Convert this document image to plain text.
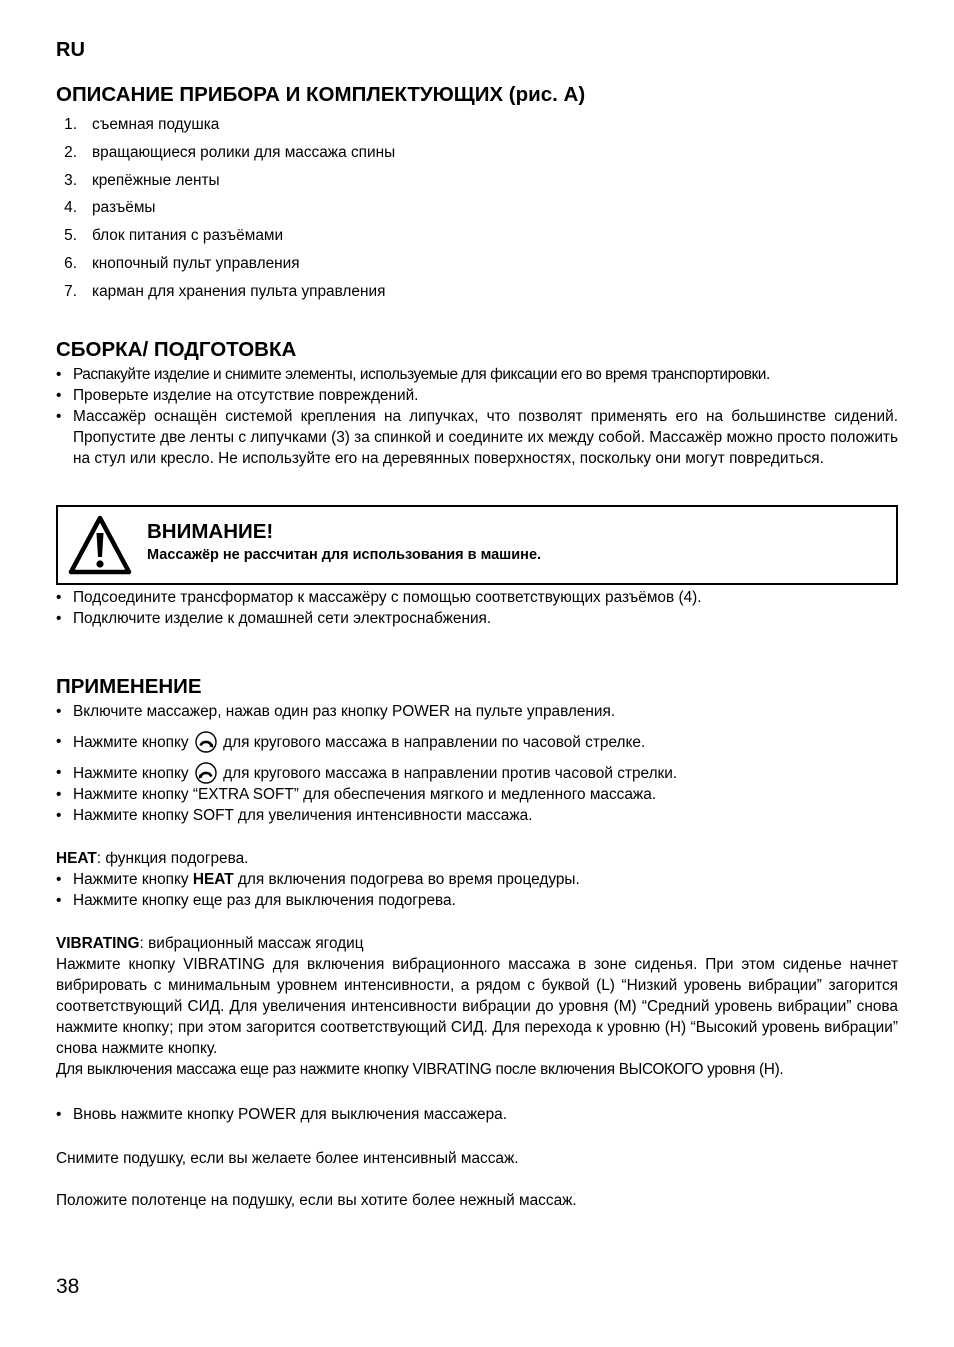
RU
ОПИСАНИЕ ПРИБОРА И КОМПЛЕКТУЮЩИХ (рис. А)
1. съемная подушка
2. вращающиеся ролики для массажа спины
3. крепёжные ленты
4. разъёмы
5. блок питания с разъёмами
6. кнопочный пульт управления
7. карман для хранения пульта управления
СБОРКА/ ПОДГОТОВКА
• Распакуйте изделие и снимите элементы, используемые для фиксации его во время транспортировки.
• Проверьте изделие на отсутствие повреждений.
• Массажёр оснащён системой крепления на липучках, что позволят применять его на большинстве сидений. Пропустите две ленты с липучками (3) за спинкой и соедините их между собой. Массажёр можно просто положить на стул или кресло. Не используйте его на деревянных поверхностях, поскольку они могут повредиться.
ВНИМАНИЕ!
Массажёр не рассчитан для использования в машине.
• Подсоедините трансформатор к массажёру с помощью соответствующих разъёмов (4).
• Подключите изделие к домашней сети электроснабжения.
ПРИМЕНЕНИЕ
• Включите массажер, нажав один раз кнопку POWER на пульте управления.
• Нажмите кнопку для кругового массажа в направлении по часовой стрелке.
• Нажмите кнопку для кругового массажа в направлении против часовой стрелки.
• Нажмите кнопку “EXTRA SOFT” для обеспечения мягкого и медленного массажа.
• Нажмите кнопку SOFT для увеличения интенсивности массажа.

HEAT: функция подогрева.

• Нажмите кнопку HEAT для включения подогрева во время процедуры.
• Нажмите кнопку еще раз для выключения подогрева.

VIBRATING: вибрационный массаж ягодиц

Нажмите кнопку VIBRATING для включения вибрационного массажа в зоне сиденья. При этом сиденье начнет вибрировать с минимальным уровнем интенсивности, а рядом с буквой (L) “Низкий уровень вибрации” загорится соответствующий СИД. Для увеличения интенсивности вибрации до уровня (M) “Средний уровень вибрации” снова нажмите кнопку; при этом загорится соответствующий СИД. Для перехода к уровню (H) “Высокий уровень вибрации” снова нажмите кнопку.

Для выключения массажа еще раз нажмите кнопку VIBRATING после включения ВЫСОКОГО уровня (H).

• Вновь нажмите кнопку POWER для выключения массажера.

Снимите подушку, если вы желаете более интенсивный массаж.

Положите полотенце на подушку, если вы хотите более нежный массаж.

38
